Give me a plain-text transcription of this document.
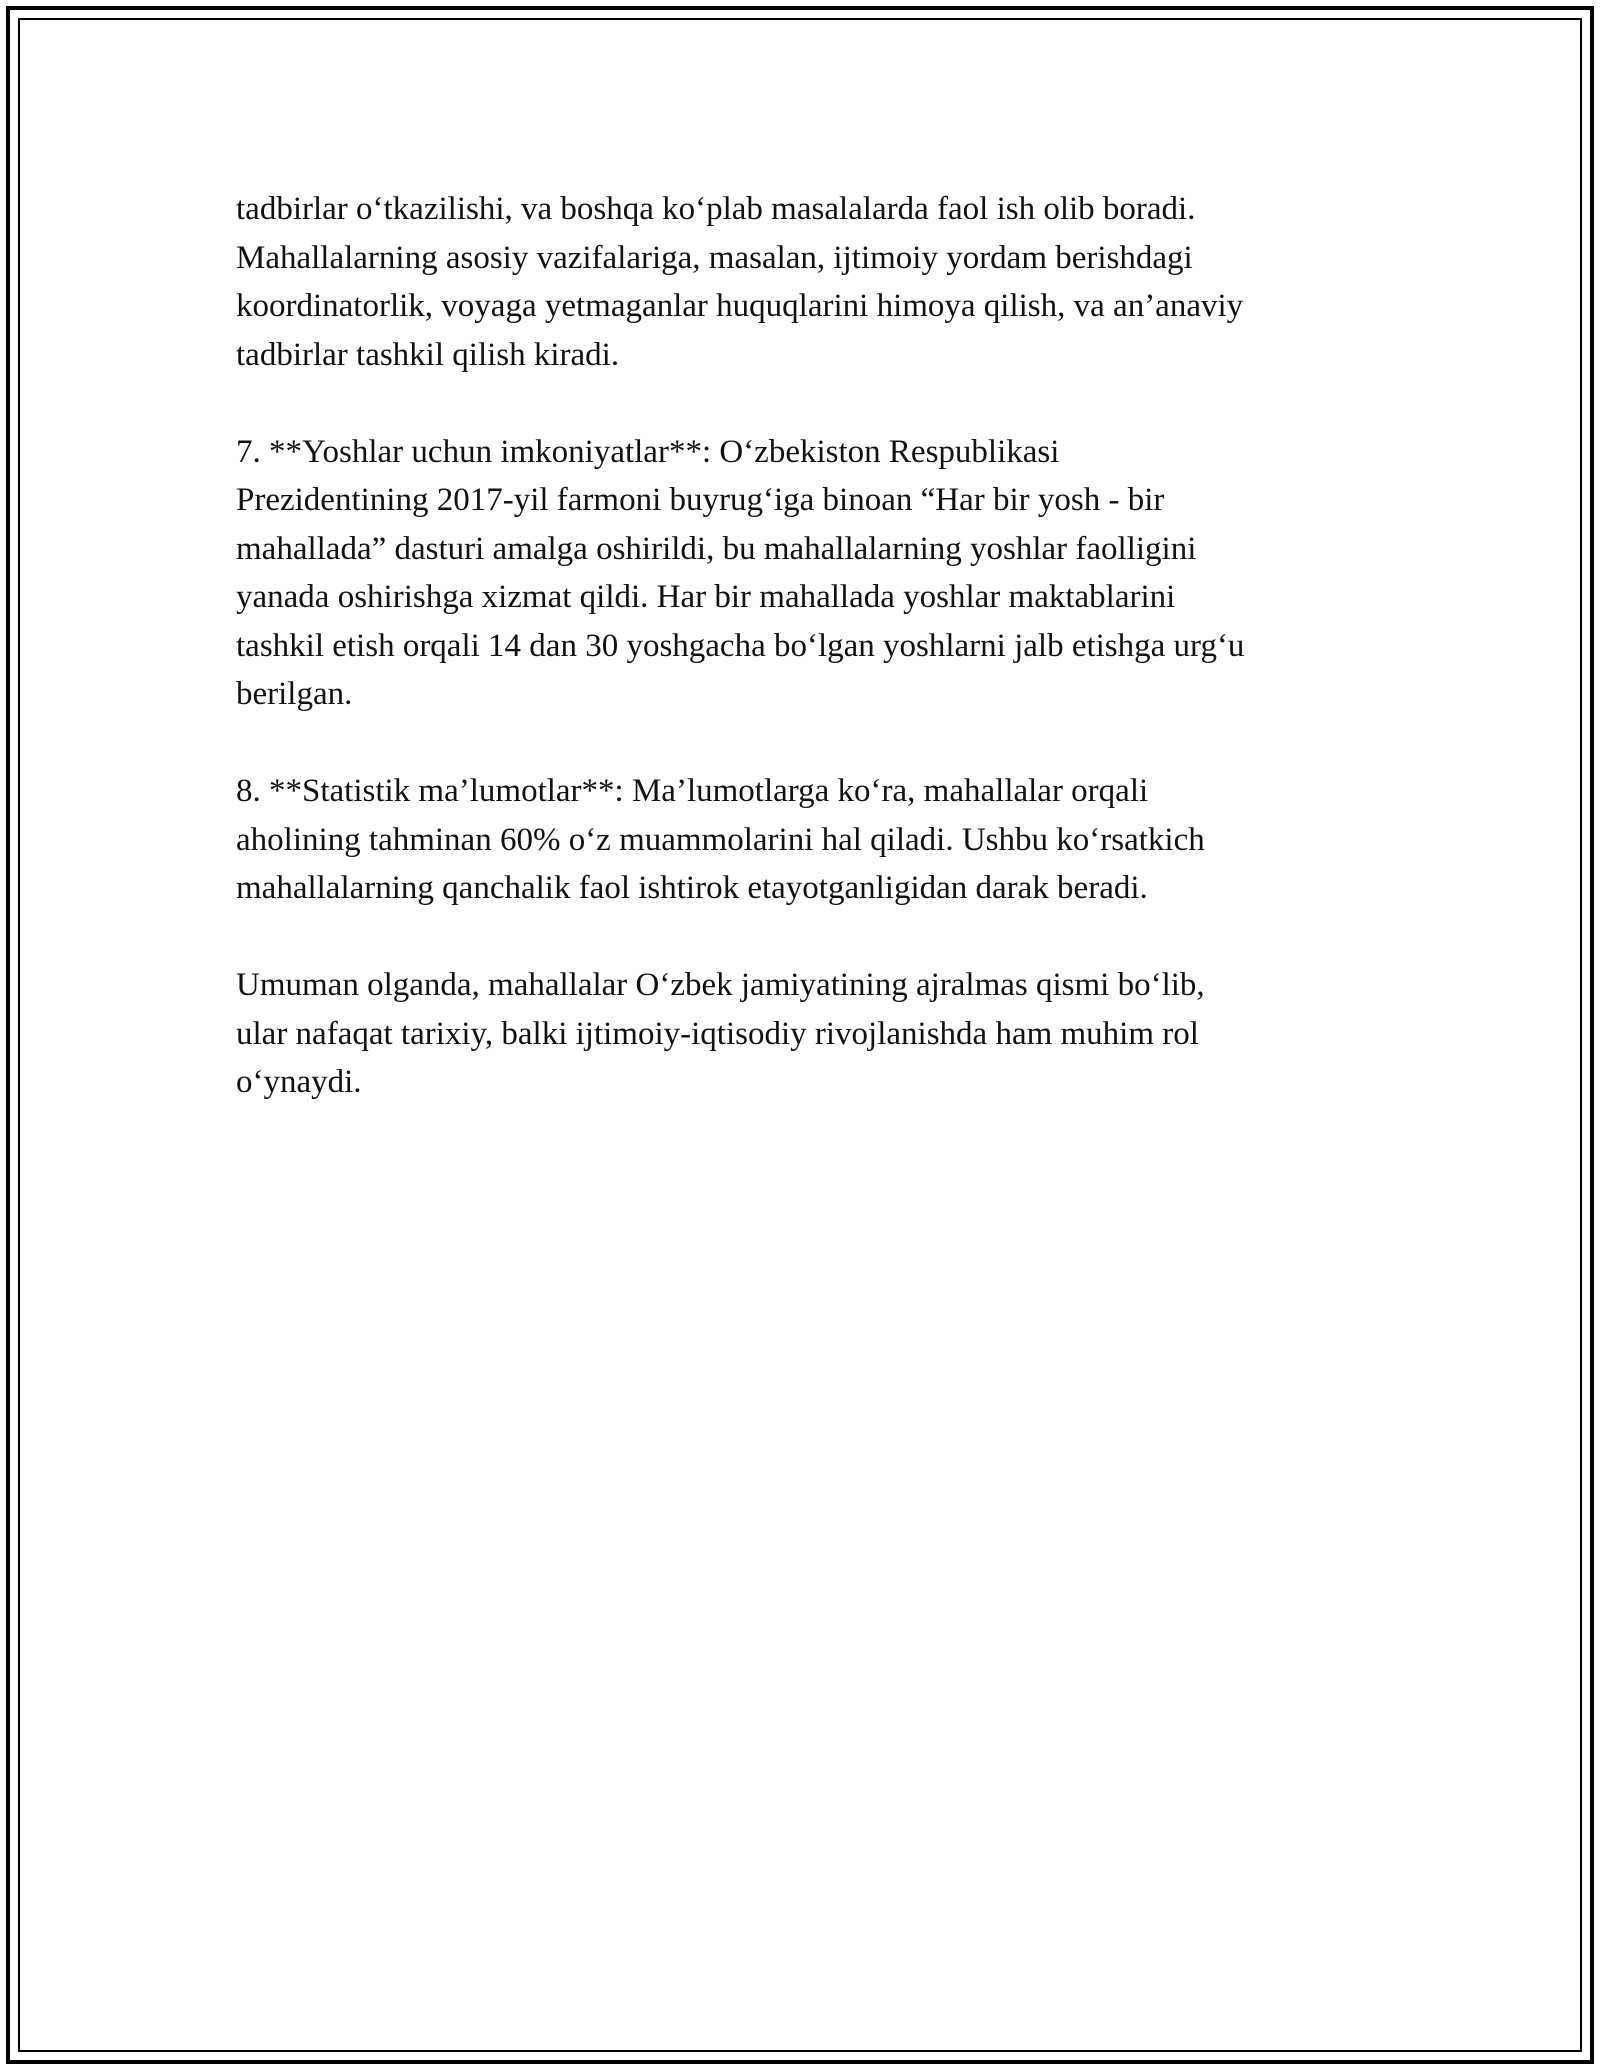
tadbirlar o‘tkazilishi, va boshqa ko‘plab masalalarda faol ish olib boradi.
Mahallalarning asosiy vazifalariga, masalan, ijtimoiy yordam berishdagi
koordinatorlik, voyaga yetmaganlar huquqlarini himoya qilish, va an’anaviy
tadbirlar tashkil qilish kiradi.

7. **Yoshlar uchun imkoniyatlar**: O‘zbekiston Respublikasi
Prezidentining 2017-yil farmoni buyrug‘iga binoan “Har bir yosh - bir
mahallada” dasturi amalga oshirildi, bu mahallalarning yoshlar faolligini
yanada oshirishga xizmat qildi. Har bir mahallada yoshlar maktablarini
tashkil etish orqali 14 dan 30 yoshgacha bo‘lgan yoshlarni jalb etishga urg‘u
berilgan.

8. **Statistik ma’lumotlar**: Ma’lumotlarga ko‘ra, mahallalar orqali
aholining tahminan 60% o‘z muammolarini hal qiladi. Ushbu ko‘rsatkich
mahallalarning qanchalik faol ishtirok etayotganligidan darak beradi.

Umuman olganda, mahallalar O‘zbek jamiyatining ajralmas qismi bo‘lib,
ular nafaqat tarixiy, balki ijtimoiy-iqtisodiy rivojlanishda ham muhim rol
o‘ynaydi.
